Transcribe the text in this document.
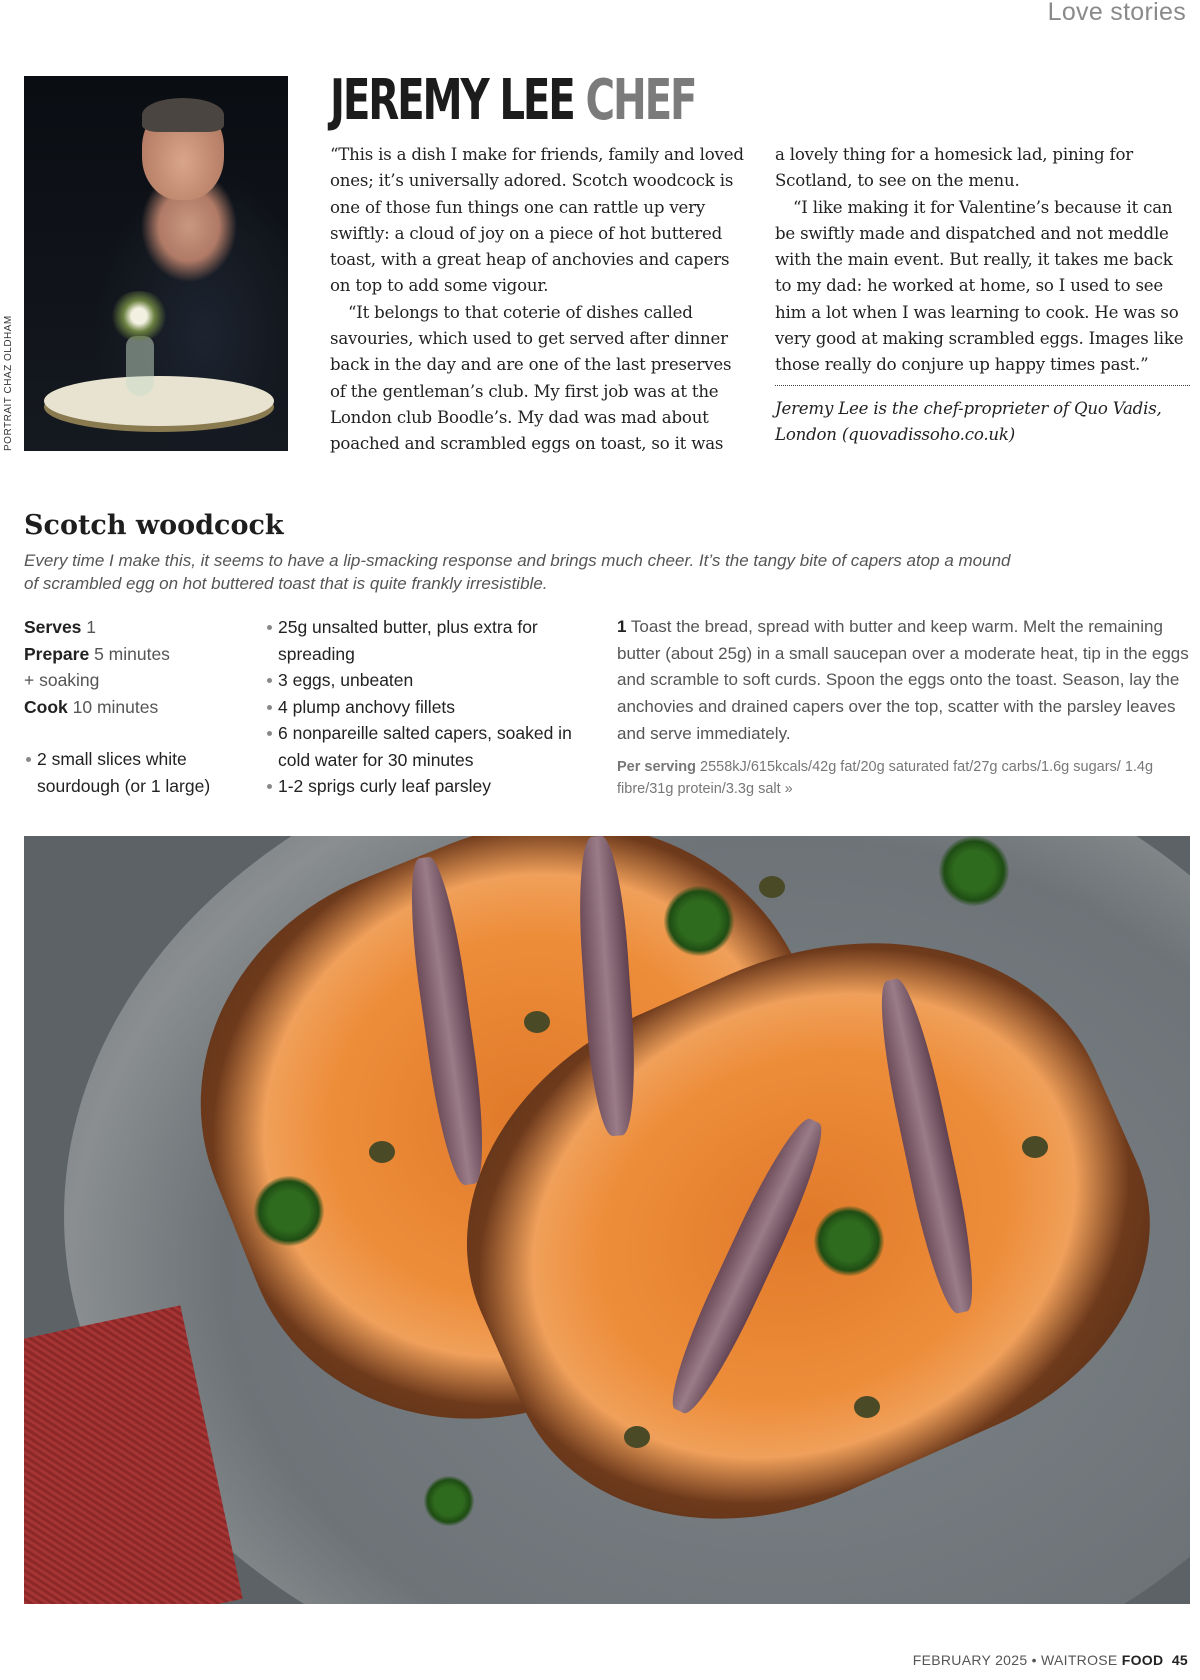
Love stories
PORTRAIT CHAZ OLDHAM
JEREMY LEE CHEF

“This is a dish I make for friends, family and loved ones; it’s universally adored. Scotch woodcock is one of those fun things one can rattle up very swiftly: a cloud of joy on a piece of hot buttered toast, with a great heap of anchovies and capers on top to add some vigour.

“It belongs to that coterie of dishes called savouries, which used to get served after dinner back in the day and are one of the last preserves of the gentleman’s club. My first job was at the London club Boodle’s. My dad was mad about poached and scrambled eggs on toast, so it was

a lovely thing for a homesick lad, pining for Scotland, to see on the menu.

“I like making it for Valentine’s because it can be swiftly made and dispatched and not meddle with the main event. But really, it takes me back to my dad: he worked at home, so I used to see him a lot when I was learning to cook. He was so very good at making scrambled eggs. Images like those really do conjure up happy times past.”

Jeremy Lee is the chef-proprieter of Quo Vadis, London (quovadissoho.co.uk)

Scotch woodcock
Every time I make this, it seems to have a lip-smacking response and brings much cheer. It’s the tangy bite of capers atop a mound of scrambled egg on hot buttered toast that is quite frankly irresistible.
Serves 1
Prepare 5 minutes
+ soaking
Cook 10 minutes
2 small slices white sourdough (or 1 large)
25g unsalted butter, plus extra for spreading
3 eggs, unbeaten
4 plump anchovy fillets
6 nonpareille salted capers, soaked in cold water for 30 minutes
1-2 sprigs curly leaf parsley
1 Toast the bread, spread with butter and keep warm. Melt the remaining butter (about 25g) in a small saucepan over a moderate heat, tip in the eggs and scramble to soft curds. Spoon the eggs onto the toast. Season, lay the anchovies and drained capers over the top, scatter with the parsley leaves and serve immediately.
Per serving 2558kJ/615kcals/42g fat/20g saturated fat/27g carbs/1.6g sugars/ 1.4g fibre/31g protein/3.3g salt »
FEBRUARY 2025 • WAITROSE FOOD 45
